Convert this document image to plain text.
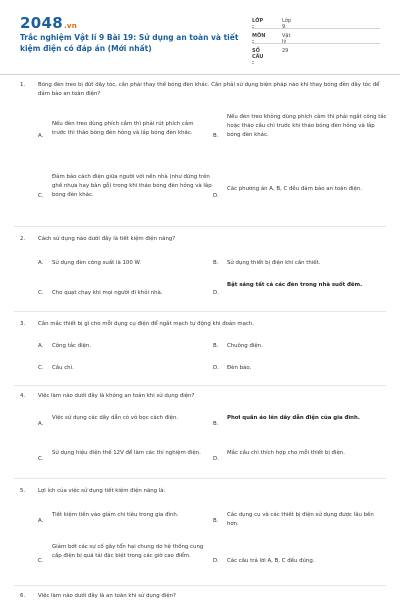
2048.vn
Trắc nghiệm Vật lí 9 Bài 19: Sử dụng an toàn và tiết kiệm điện có đáp án (Mới nhất)
LỚP :
Lớp 9
MÔN :
Vật lý
SỐ CÂU :
29
1. Bóng đèn treo bị đứt dây tóc, cần phải thay thế bóng đèn khác. Cần phải sử dụng biện pháp nào khi thay bóng đèn dây tóc để đảm bảo an toàn điện?
A.
Nếu đèn treo dùng phích cắm thì phải rút phích cắm trước thì tháo bóng đèn hỏng và lắp bóng đèn khác.	B.
Nếu đèn treo không dùng phích cắm thì phải ngắt công tắc hoặc tháo cầu chì trước khi tháo bóng đèn hỏng và lắp bóng đèn khác.
C.
Đảm bảo cách điện giữa người với nền nhà (như đứng trên ghế nhựa hay bàn gỗ) trong khi tháo bóng đèn hỏng và lắp bóng đèn khác.	D.
Các phương án A, B, C đều đảm bảo an toàn điện.
2. Cách sử dụng nào dưới đây là tiết kiệm điện năng?
A. Sử dụng đèn công suất là 100 W.	B. Sử dụng thiết bị điện khi cần thiết.
C. Cho quạt chạy khi mọi người đi khỏi nhà.	D.
Bật sáng tất cả các đèn trong nhà suốt đêm.
3. Cần mắc thiết bị gì cho mỗi dụng cụ điện để ngắt mạch tự động khi đoản mạch.
A. Công tắc điện.	B. Chuông điện.
C. Cầu chì.	D. Đèn báo.
4. Việc làm nào dưới đây là không an toàn khi sử dụng điện?
A.
Việc sử dụng các dây dẫn có vỏ bọc cách điện.
B.
Phơi quần áo lên dây dẫn điện của gia đình.
C.
Sử dụng hiệu điện thế 12V để làm các thí nghiệm điện.
D.
Mắc cầu chì thích hợp cho mỗi thiết bị điện.
5. Lợi ích của việc sử dụng tiết kiệm điện năng là:
A.
Tiết kiệm tiền vào giảm chi tiêu trong gia đình.
B.
Các dụng cụ và các thiết bị điện sử dụng được lâu bền hơn.
C.
Giảm bớt các sự cố gây tổn hại chung do hệ thống cung cấp điện bị quá tải đặc biệt trong các giờ cao điểm.
D. Các câu trả lời A, B, C đều đúng.
6. Việc làm nào dưới đây là an toàn khi sử dụng điện?
